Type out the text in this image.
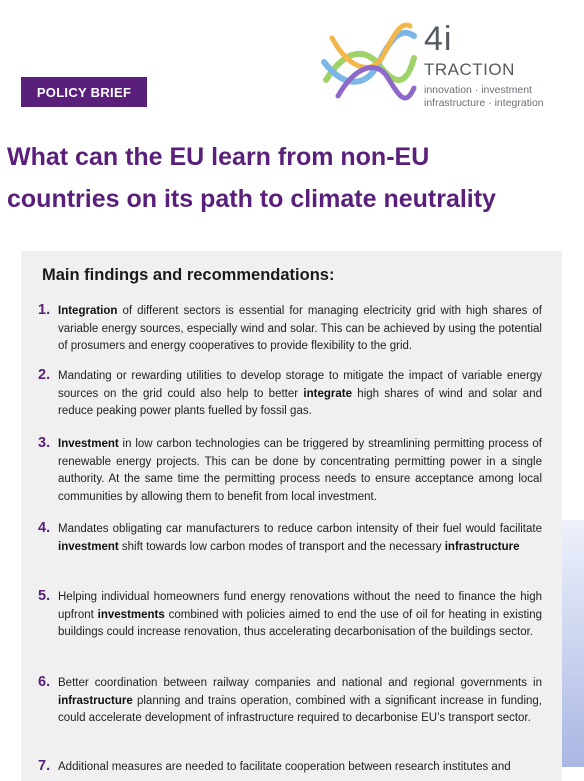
4i
TRACTION
innovation · investment
infrastructure · integration
POLICY BRIEF
What can the EU learn from non-EU
countries on its path to climate neutrality
Main findings and recommendations:
1. Integration of different sectors is essential for managing electricity grid with high shares of variable energy sources, especially wind and solar. This can be achieved by using the potential of prosumers and energy cooperatives to provide flexibility to the grid.

2. Mandating or rewarding utilities to develop storage to mitigate the impact of variable energy sources on the grid could also help to better integrate high shares of wind and solar and reduce peaking power plants fuelled by fossil gas.

3. Investment in low carbon technologies can be triggered by streamlining permitting process of renewable energy projects. This can be done by concentrating permitting power in a single authority. At the same time the permitting process needs to ensure acceptance among local communities by allowing them to benefit from local investment.

4. Mandates obligating car manufacturers to reduce carbon intensity of their fuel would facilitate investment shift towards low carbon modes of transport and the necessary infrastructure

5. Helping individual homeowners fund energy renovations without the need to finance the high upfront investments combined with policies aimed to end the use of oil for heating in existing buildings could increase renovation, thus accelerating decarbonisation of the buildings sector.

6. Better coordination between railway companies and national and regional governments in infrastructure planning and trains operation, combined with a significant increase in funding, could accelerate development of infrastructure required to decarbonise EU’s transport sector.

7. Additional measures are needed to facilitate cooperation between research institutes and
